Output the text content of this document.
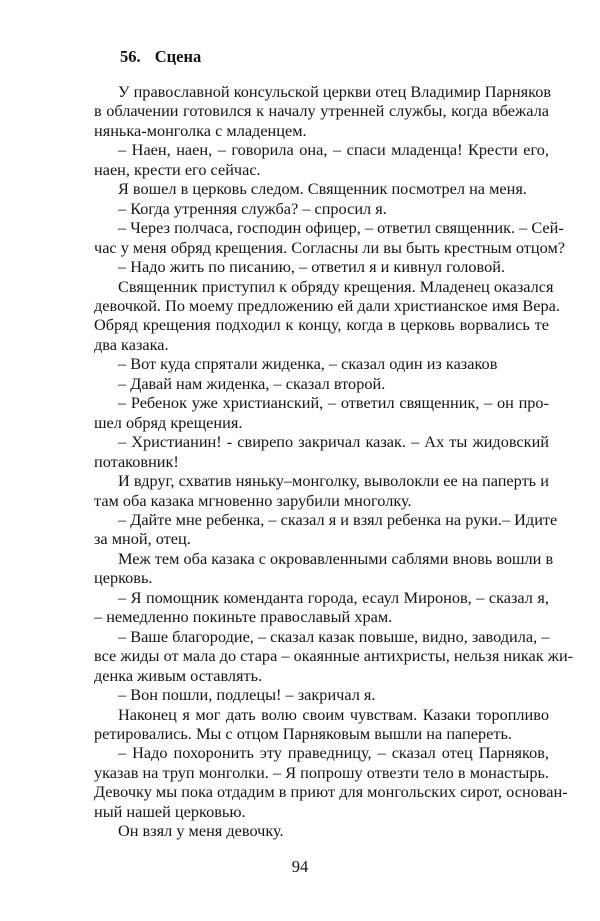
56. Сцена
У православной консульской церкви отец Владимир Парняков
в облачении готовился к началу утренней службы, когда вбежала
нянька-монголка с младенцем.
– Наен, наен, – говорила она, – спаси младенца! Крести его,
наен, крести его сейчас.
Я вошел в церковь следом. Священник посмотрел на меня.
– Когда утренняя служба? – спросил я.
– Через полчаса, господин офицер, – ответил священник. – Сей-
час у меня обряд крещения. Согласны ли вы быть крестным отцом?
– Надо жить по писанию, – ответил я и кивнул головой.
Священник приступил к обряду крещения. Младенец оказался
девочкой. По моему предложению ей дали христианское имя Вера.
Обряд крещения подходил к концу, когда в церковь ворвались те
два казака.
– Вот куда спрятали жиденка, – сказал один из казаков
– Давай нам жиденка, – сказал второй.
– Ребенок уже христианский, – ответил священник, – он про-
шел обряд крещения.
– Христианин! - свирепо закричал казак. – Ах ты жидовский
потаковник!
И вдруг, схватив няньку–монголку, выволокли ее на паперть и
там оба казака мгновенно зарубили многолку.
– Дайте мне ребенка, – сказал я и взял ребенка на руки.– Идите
за мной, отец.
Меж тем оба казака с окровавленными саблями вновь вошли в
церковь.
– Я помощник коменданта города, есаул Миронов, – сказал я,
– немедленно покиньте православый храм.
– Ваше благородие, – сказал казак повыше, видно, заводила, –
все жиды от мала до стара – окаянные антихристы, нельзя никак жи-
денка живым оставлять.
– Вон пошли, подлецы! – закричал я.
Наконец я мог дать волю своим чувствам. Казаки торопливо
ретировались. Мы с отцом Парняковым вышли на папереть.
– Надо похоронить эту праведницу, – сказал отец Парняков,
указав на труп монголки. – Я попрошу отвезти тело в монастырь.
Девочку мы пока отдадим в приют для монгольских сирот, основан-
ный нашей церковью.
Он взял у меня девочку.
94
